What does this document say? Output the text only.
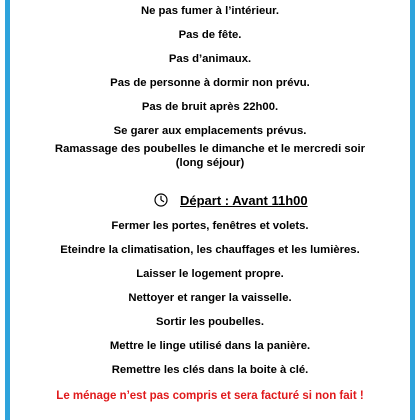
Ne pas fumer à l’intérieur.
Pas de fête.
Pas d’animaux.
Pas de personne à dormir non prévu.
Pas de bruit après 22h00.
Se garer aux emplacements prévus.
Ramassage des poubelles le dimanche et le mercredi soir (long séjour)
Départ : Avant 11h00
Fermer les portes, fenêtres et volets.
Eteindre la climatisation, les chauffages et les lumières.
Laisser le logement propre.
Nettoyer et ranger la vaisselle.
Sortir les poubelles.
Mettre le linge utilisé dans la panière.
Remettre les clés dans la boite à clé.
Le ménage n’est pas compris et sera facturé si non fait !
